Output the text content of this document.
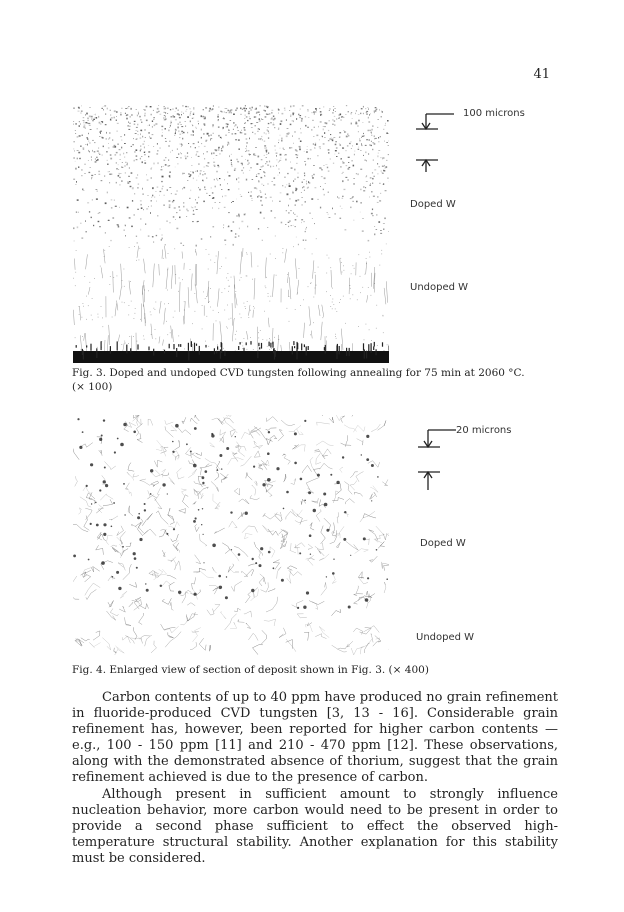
41
100 microns
Doped W
Undoped W
Fig. 3. Doped and undoped CVD tungsten following annealing for 75 min at 2060 °C.
(× 100)
20 microns
Doped W
Undoped W
Fig. 4. Enlarged view of section of deposit shown in Fig. 3. (× 400)

Carbon contents of up to 40 ppm have produced no grain refinement in fluoride-produced CVD tungsten [3, 13 - 16]. Considerable grain refinement has, however, been reported for higher carbon contents — e.g., 100 - 150 ppm [11] and 210 - 470 ppm [12]. These observations, along with the demonstrated absence of thorium, suggest that the grain refinement achieved is due to the presence of carbon.

Although present in sufficient amount to strongly influence nucleation behavior, more carbon would need to be present in order to provide a second phase sufficient to effect the observed high-temperature structural stability. Another explanation for this stability must be considered.
